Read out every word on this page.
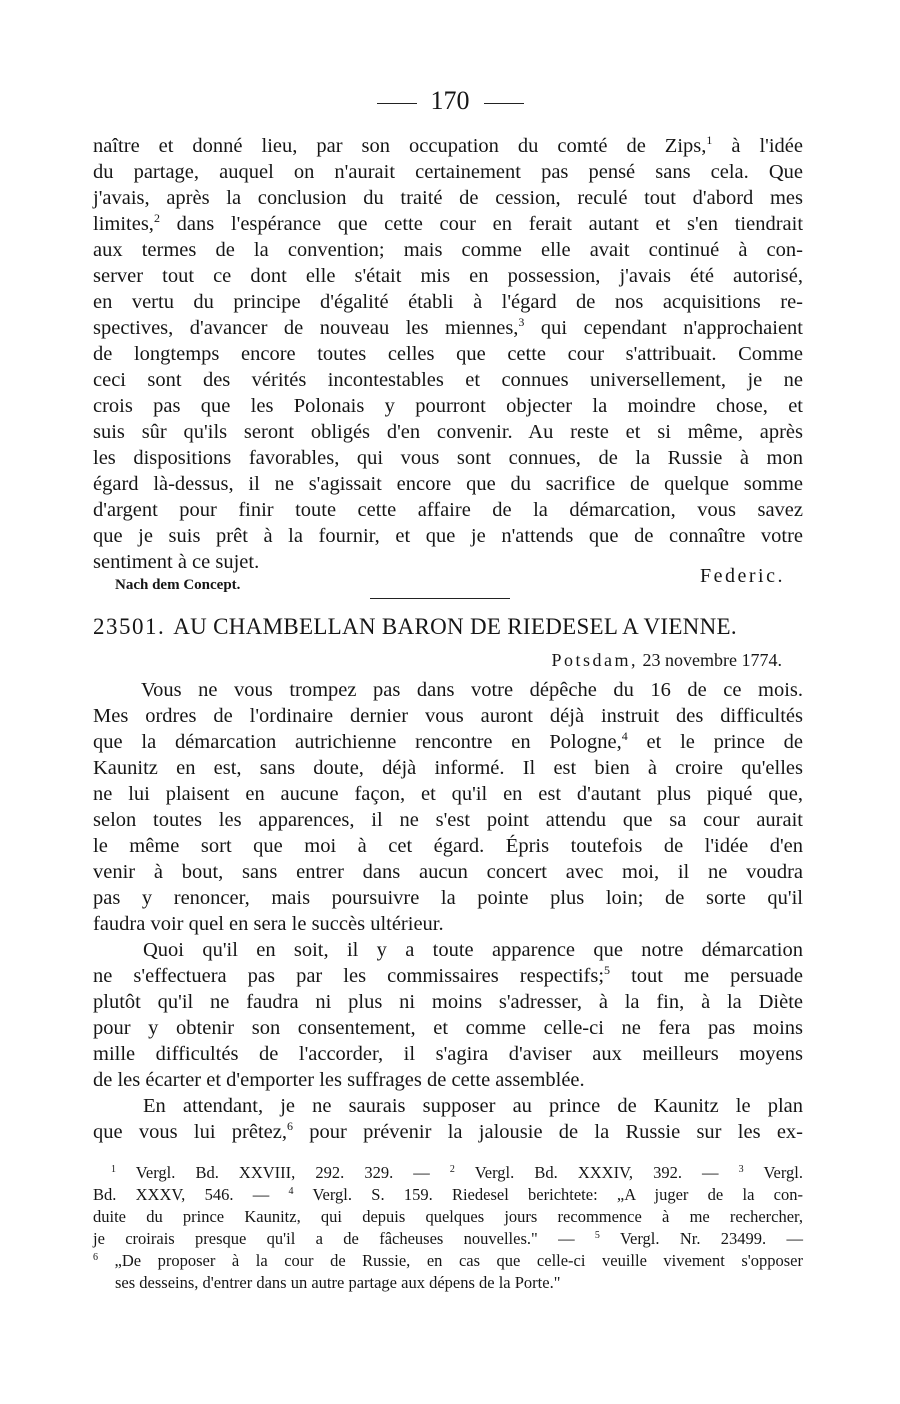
170
naître et donné lieu, par son occupation du comté de Zips,$^1$ à l'idée
du partage, auquel on n'aurait certainement pas pensé sans cela. Que
j'avais, après la conclusion du traité de cession, reculé tout d'abord mes
limites,$^2$ dans l'espérance que cette cour en ferait autant et s'en tiendrait
aux termes de la convention; mais comme elle avait continué à con-
server tout ce dont elle s'était mis en possession, j'avais été autorisé,
en vertu du principe d'égalité établi à l'égard de nos acquisitions re-
spectives, d'avancer de nouveau les miennes,$^3$ qui cependant n'approchaient
de longtemps encore toutes celles que cette cour s'attribuait. Comme
ceci sont des vérités incontestables et connues universellement, je ne
crois pas que les Polonais y pourront objecter la moindre chose, et
suis sûr qu'ils seront obligés d'en convenir. Au reste et si même, après
les dispositions favorables, qui vous sont connues, de la Russie à mon
égard là-dessus, il ne s'agissait encore que du sacrifice de quelque somme
d'argent pour finir toute cette affaire de la démarcation, vous savez
que je suis prêt à la fournir, et que je n'attends que de connaître votre
sentiment à ce sujet.
Nach dem Concept.	Federic.
23501. AU CHAMBELLAN BARON DE RIEDESEL A VIENNE.
Potsdam, 23 novembre 1774.
Vous ne vous trompez pas dans votre dépêche du 16 de ce mois.
Mes ordres de l'ordinaire dernier vous auront déjà instruit des difficultés
que la démarcation autrichienne rencontre en Pologne,$^4$ et le prince de
Kaunitz en est, sans doute, déjà informé. Il est bien à croire qu'elles
ne lui plaisent en aucune façon, et qu'il en est d'autant plus piqué que,
selon toutes les apparences, il ne s'est point attendu que sa cour aurait
le même sort que moi à cet égard. Épris toutefois de l'idée d'en
venir à bout, sans entrer dans aucun concert avec moi, il ne voudra
pas y renoncer, mais poursuivre la pointe plus loin; de sorte qu'il
faudra voir quel en sera le succès ultérieur.
Quoi qu'il en soit, il y a toute apparence que notre démarcation
ne s'effectuera pas par les commissaires respectifs;$^5$ tout me persuade
plutôt qu'il ne faudra ni plus ni moins s'adresser, à la fin, à la Diète
pour y obtenir son consentement, et comme celle-ci ne fera pas moins
mille difficultés de l'accorder, il s'agira d'aviser aux meilleurs moyens
de les écarter et d'emporter les suffrages de cette assemblée.
En attendant, je ne saurais supposer au prince de Kaunitz le plan
que vous lui prêtez,$^6$ pour prévenir la jalousie de la Russie sur les ex-
$^1$ Vergl. Bd. XXVIII, 292. 329. — $^2$ Vergl. Bd. XXXIV, 392. — $^3$ Vergl.
Bd. XXXV, 546. — $^4$ Vergl. S. 159. Riedesel berichtete: „A juger de la con-
duite du prince Kaunitz, qui depuis quelques jours recommence à me rechercher,
je croirais presque qu'il a de fâcheuses nouvelles." — $^5$ Vergl. Nr. 23499. —
$^6$ „De proposer à la cour de Russie, en cas que celle-ci veuille vivement s'opposer
ses desseins, d'entrer dans un autre partage aux dépens de la Porte."
